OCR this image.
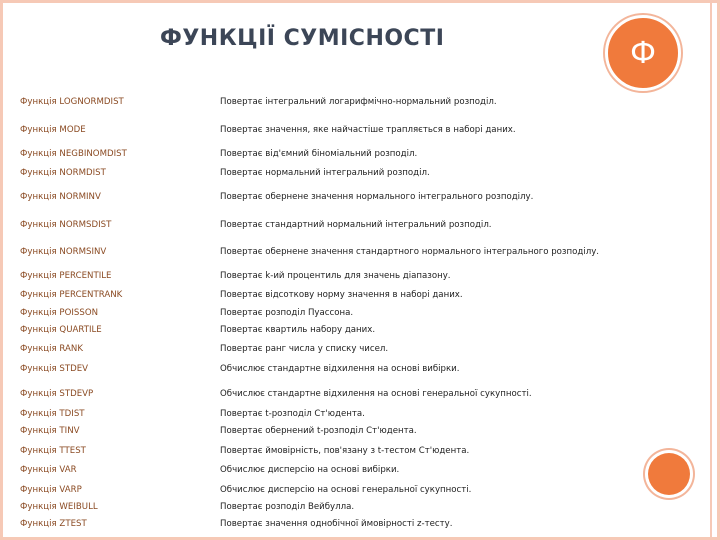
ФУНКЦІЇ СУМІСНОСТІ	Ф
Функція LOGNORMDIST	Повертає інтегральний логарифмічно-нормальний розподіл.
Функція MODE	Повертає значення, яке найчастіше трапляється в наборі даних.
Функція NEGBINOMDIST	Повертає від'ємний біноміальний розподіл.
Функція NORMDIST	Повертає нормальний інтегральний розподіл.
Функція NORMINV	Повертає обернене значення нормального інтегрального розподілу.
Функція NORMSDIST	Повертає стандартний нормальний інтегральний розподіл.
Функція NORMSINV	Повертає обернене значення стандартного нормального інтегрального розподілу.
Функція PERCENTILE	Повертає k-ий процентиль для значень діапазону.
Функція PERCENTRANK	Повертає відсоткову норму значення в наборі даних.
Функція POISSON	Повертає розподіл Пуассона.
Функція QUARTILE	Повертає квартиль набору даних.
Функція RANK	Повертає ранг числа у списку чисел.
Функція STDEV	Обчислює стандартне відхилення на основі вибірки.
Функція STDEVP	Обчислює стандартне відхилення на основі генеральної сукупності.
Функція TDIST	Повертає t-розподіл Ст'юдента.
Функція TINV	Повертає обернений t-розподіл Ст'юдента.
Функція TTEST	Повертає ймовірність, пов'язану з t-тестом Ст'юдента.
Функція VAR	Обчислює дисперсію на основі вибірки.
Функція VARP	Обчислює дисперсію на основі генеральної сукупності.
Функція WEIBULL	Повертає розподіл Вейбулла.
Функція ZTEST	Повертає значення однобічної ймовірності z-тесту.
